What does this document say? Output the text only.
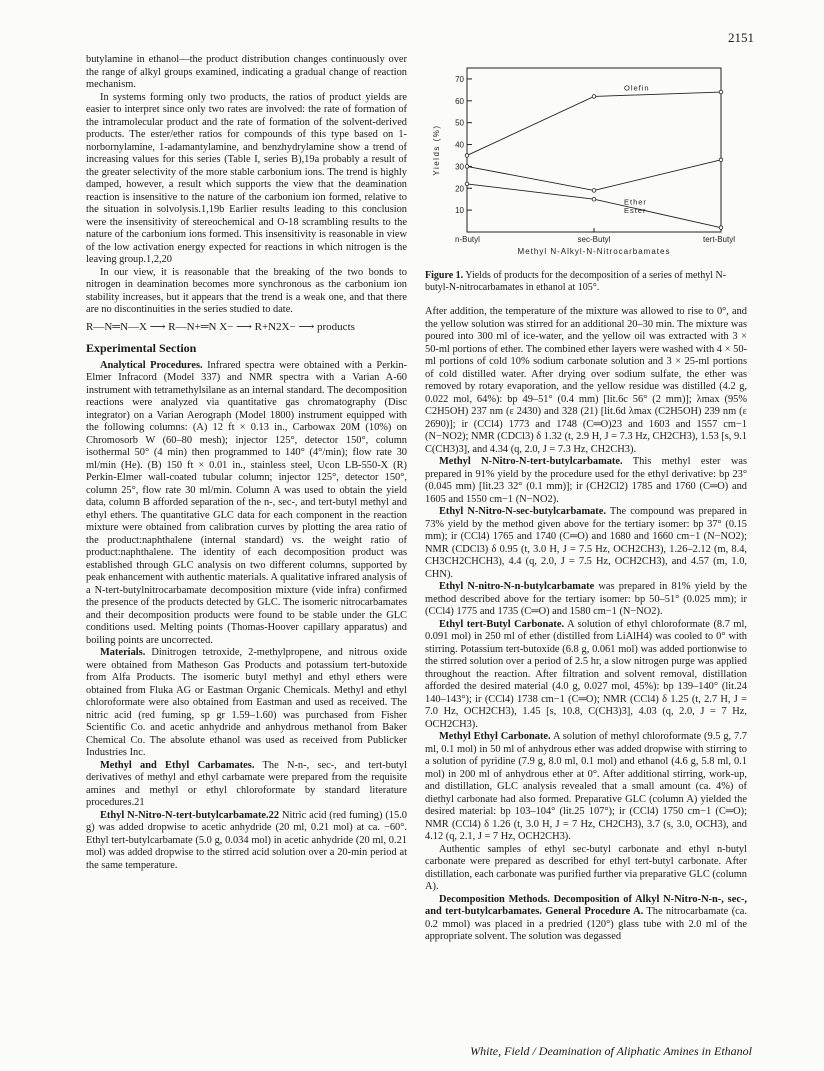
2151

butylamine in ethanol—the product distribution changes continuously over the range of alkyl groups examined, indicating a gradual change of reaction mechanism.

In systems forming only two products, the ratios of product yields are easier to interpret since only two rates are involved: the rate of formation of the intramolecular product and the rate of formation of the solvent-derived products. The ester/ether ratios for compounds of this type based on 1-norbornylamine, 1-adamantylamine, and benzhydrylamine show a trend of increasing values for this series (Table I, series B),19a probably a result of the greater selectivity of the more stable carbonium ions. The trend is highly damped, however, a result which supports the view that the deamination reaction is insensitive to the nature of the carbonium ion formed, relative to the situation in solvolysis.1,19b Earlier results leading to this conclusion were the insensitivity of stereochemical and O-18 scrambling results to the nature of the carbonium ions formed. This insensitivity is reasonable in view of the low activation energy expected for reactions in which nitrogen is the leaving group.1,2,20

In our view, it is reasonable that the breaking of the two bonds to nitrogen in deamination becomes more synchronous as the carbonium ion stability increases, but it appears that the trend is a weak one, and that there are no discontinuities in the series studied to date.

R—N═N—X ⟶ R—N+═N X− ⟶ R+N2X− ⟶ products

Experimental Section

Analytical Procedures. Infrared spectra were obtained with a Perkin-Elmer Infracord (Model 337) and NMR spectra with a Varian A-60 instrument with tetramethylsilane as an internal standard. The decomposition reactions were analyzed via quantitative gas chromatography (Disc integrator) on a Varian Aerograph (Model 1800) instrument equipped with the following columns: (A) 12 ft × 0.13 in., Carbowax 20M (10%) on Chromosorb W (60–80 mesh); injector 125°, detector 150°, column isothermal 50° (4 min) then programmed to 140° (4°/min); flow rate 30 ml/min (He). (B) 150 ft × 0.01 in., stainless steel, Ucon LB-550-X (R) Perkin-Elmer wall-coated tubular column; injector 125°, detector 150°, column 25°, flow rate 30 ml/min. Column A was used to obtain the yield data, column B afforded separation of the n-, sec-, and tert-butyl methyl and ethyl ethers. The quantitative GLC data for each component in the reaction mixture were obtained from calibration curves by plotting the area ratio of the product:naphthalene (internal standard) vs. the weight ratio of product:naphthalene. The identity of each decomposition product was established through GLC analysis on two different columns, supported by peak enhancement with authentic materials. A qualitative infrared analysis of a N-tert-butylnitrocarbamate decomposition mixture (vide infra) confirmed the presence of the products detected by GLC. The isomeric nitrocarbamates and their decomposition products were found to be stable under the GLC conditions used. Melting points (Thomas-Hoover capillary apparatus) and boiling points are uncorrected.

Materials. Dinitrogen tetroxide, 2-methylpropene, and nitrous oxide were obtained from Matheson Gas Products and potassium tert-butoxide from Alfa Products. The isomeric butyl methyl and ethyl ethers were obtained from Fluka AG or Eastman Organic Chemicals. Methyl and ethyl chloroformate were also obtained from Eastman and used as received. The nitric acid (red fuming, sp gr 1.59–1.60) was purchased from Fisher Scientific Co. and acetic anhydride and anhydrous methanol from Baker Chemical Co. The absolute ethanol was used as received from Publicker Industries Inc.

Methyl and Ethyl Carbamates. The N-n-, sec-, and tert-butyl derivatives of methyl and ethyl carbamate were prepared from the requisite amines and methyl or ethyl chloroformate by standard literature procedures.21

Ethyl N-Nitro-N-tert-butylcarbamate.22 Nitric acid (red fuming) (15.0 g) was added dropwise to acetic anhydride (20 ml, 0.21 mol) at ca. −60°. Ethyl tert-butylcarbamate (5.0 g, 0.034 mol) in acetic anhydride (20 ml, 0.21 mol) was added dropwise to the stirred acid solution over a 20-min period at the same temperature.

10
20
30
40
50
60
70
n-Butyl	sec-Butyl	tert-Butyl
Methyl N-Alkyl-N-Nitrocarbamates
Yields (%)
Olefin
Ether
Ester
Figure 1. Yields of products for the decomposition of a series of methyl N-butyl-N-nitrocarbamates in ethanol at 105°.

After addition, the temperature of the mixture was allowed to rise to 0°, and the yellow solution was stirred for an additional 20–30 min. The mixture was poured into 300 ml of ice-water, and the yellow oil was extracted with 3 × 50-ml portions of ether. The combined ether layers were washed with 4 × 50-ml portions of cold 10% sodium carbonate solution and 3 × 25-ml portions of cold distilled water. After drying over sodium sulfate, the ether was removed by rotary evaporation, and the yellow residue was distilled (4.2 g, 0.022 mol, 64%): bp 49–51° (0.4 mm) [lit.6c 56° (2 mm)]; λmax (95% C2H5OH) 237 nm (ε 2430) and 328 (21) [lit.6d λmax (C2H5OH) 239 nm (ε 2690)]; ir (CCl4) 1773 and 1748 (C═O)23 and 1603 and 1557 cm−1 (N−NO2); NMR (CDCl3) δ 1.32 (t, 2.9 H, J = 7.3 Hz, CH2CH3), 1.53 [s, 9.1 C(CH3)3], and 4.34 (q, 2.0, J = 7.3 Hz, CH2CH3).

Methyl N-Nitro-N-tert-butylcarbamate. This methyl ester was prepared in 91% yield by the procedure used for the ethyl derivative: bp 23° (0.045 mm) [lit.23 32° (0.1 mm)]; ir (CH2Cl2) 1785 and 1760 (C═O) and 1605 and 1550 cm−1 (N−NO2).

Ethyl N-Nitro-N-sec-butylcarbamate. The compound was prepared in 73% yield by the method given above for the tertiary isomer: bp 37° (0.15 mm); ir (CCl4) 1765 and 1740 (C═O) and 1680 and 1660 cm−1 (N−NO2); NMR (CDCl3) δ 0.95 (t, 3.0 H, J = 7.5 Hz, OCH2CH3), 1.26–2.12 (m, 8.4, CH3CH2CHCH3), 4.4 (q, 2.0, J = 7.5 Hz, OCH2CH3), and 4.57 (m, 1.0, CHN).

Ethyl N-nitro-N-n-butylcarbamate was prepared in 81% yield by the method described above for the tertiary isomer: bp 50–51° (0.025 mm); ir (CCl4) 1775 and 1735 (C═O) and 1580 cm−1 (N−NO2).

Ethyl tert-Butyl Carbonate. A solution of ethyl chloroformate (8.7 ml, 0.091 mol) in 250 ml of ether (distilled from LiAlH4) was cooled to 0° with stirring. Potassium tert-butoxide (6.8 g, 0.061 mol) was added portionwise to the stirred solution over a period of 2.5 hr, a slow nitrogen purge was applied throughout the reaction. After filtration and solvent removal, distillation afforded the desired material (4.0 g, 0.027 mol, 45%): bp 139–140° (lit.24 140–143°); ir (CCl4) 1738 cm−1 (C═O); NMR (CCl4) δ 1.25 (t, 2.7 H, J = 7.0 Hz, OCH2CH3), 1.45 [s, 10.8, C(CH3)3], 4.03 (q, 2.0, J = 7 Hz, OCH2CH3).

Methyl Ethyl Carbonate. A solution of methyl chloroformate (9.5 g, 7.7 ml, 0.1 mol) in 50 ml of anhydrous ether was added dropwise with stirring to a solution of pyridine (7.9 g, 8.0 ml, 0.1 mol) and ethanol (4.6 g, 5.8 ml, 0.1 mol) in 200 ml of anhydrous ether at 0°. After additional stirring, work-up, and distillation, GLC analysis revealed that a small amount (ca. 4%) of diethyl carbonate had also formed. Preparative GLC (column A) yielded the desired material: bp 103–104° (lit.25 107°); ir (CCl4) 1750 cm−1 (C═O); NMR (CCl4) δ 1.26 (t, 3.0 H, J = 7 Hz, CH2CH3), 3.7 (s, 3.0, OCH3), and 4.12 (q, 2.1, J = 7 Hz, OCH2CH3).

Authentic samples of ethyl sec-butyl carbonate and ethyl n-butyl carbonate were prepared as described for ethyl tert-butyl carbonate. After distillation, each carbonate was purified further via preparative GLC (column A).

Decomposition Methods. Decomposition of Alkyl N-Nitro-N-n-, sec-, and tert-butylcarbamates. General Procedure A. The nitrocarbamate (ca. 0.2 mmol) was placed in a predried (120°) glass tube with 2.0 ml of the appropriate solvent. The solution was degassed

White, Field / Deamination of Aliphatic Amines in Ethanol
